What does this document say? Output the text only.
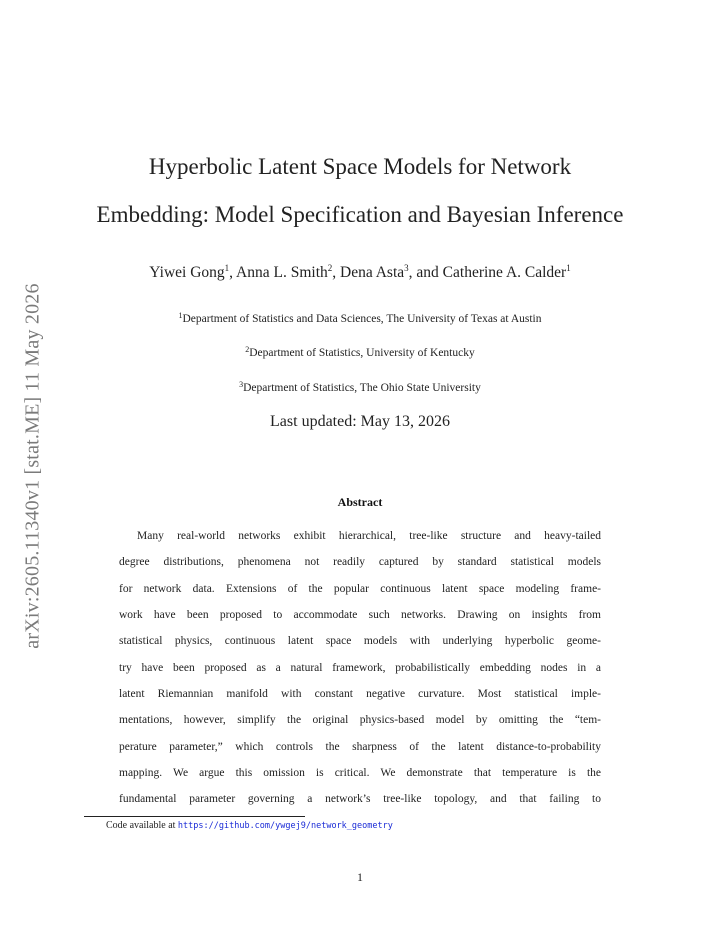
arXiv:2605.11340v1 [stat.ME] 11 May 2026
Hyperbolic Latent Space Models for Network
Embedding: Model Specification and Bayesian Inference
Yiwei Gong$^1$, Anna L. Smith$^2$, Dena Asta$^3$, and Catherine A. Calder$^1$
$^1$Department of Statistics and Data Sciences, The University of Texas at Austin
$^2$Department of Statistics, University of Kentucky
$^3$Department of Statistics, The Ohio State University
Last updated: May 13, 2026
Abstract
Many real-world networks exhibit hierarchical, tree-like structure and heavy-tailed
degree distributions, phenomena not readily captured by standard statistical models
for network data. Extensions of the popular continuous latent space modeling frame-
work have been proposed to accommodate such networks. Drawing on insights from
statistical physics, continuous latent space models with underlying hyperbolic geome-
try have been proposed as a natural framework, probabilistically embedding nodes in a
latent Riemannian manifold with constant negative curvature. Most statistical imple-
mentations, however, simplify the original physics-based model by omitting the “tem-
perature parameter,” which controls the sharpness of the latent distance-to-probability
mapping. We argue this omission is critical. We demonstrate that temperature is the
fundamental parameter governing a network’s tree-like topology, and that failing to
Code available at https://github.com/ywgej9/network_geometry
1
